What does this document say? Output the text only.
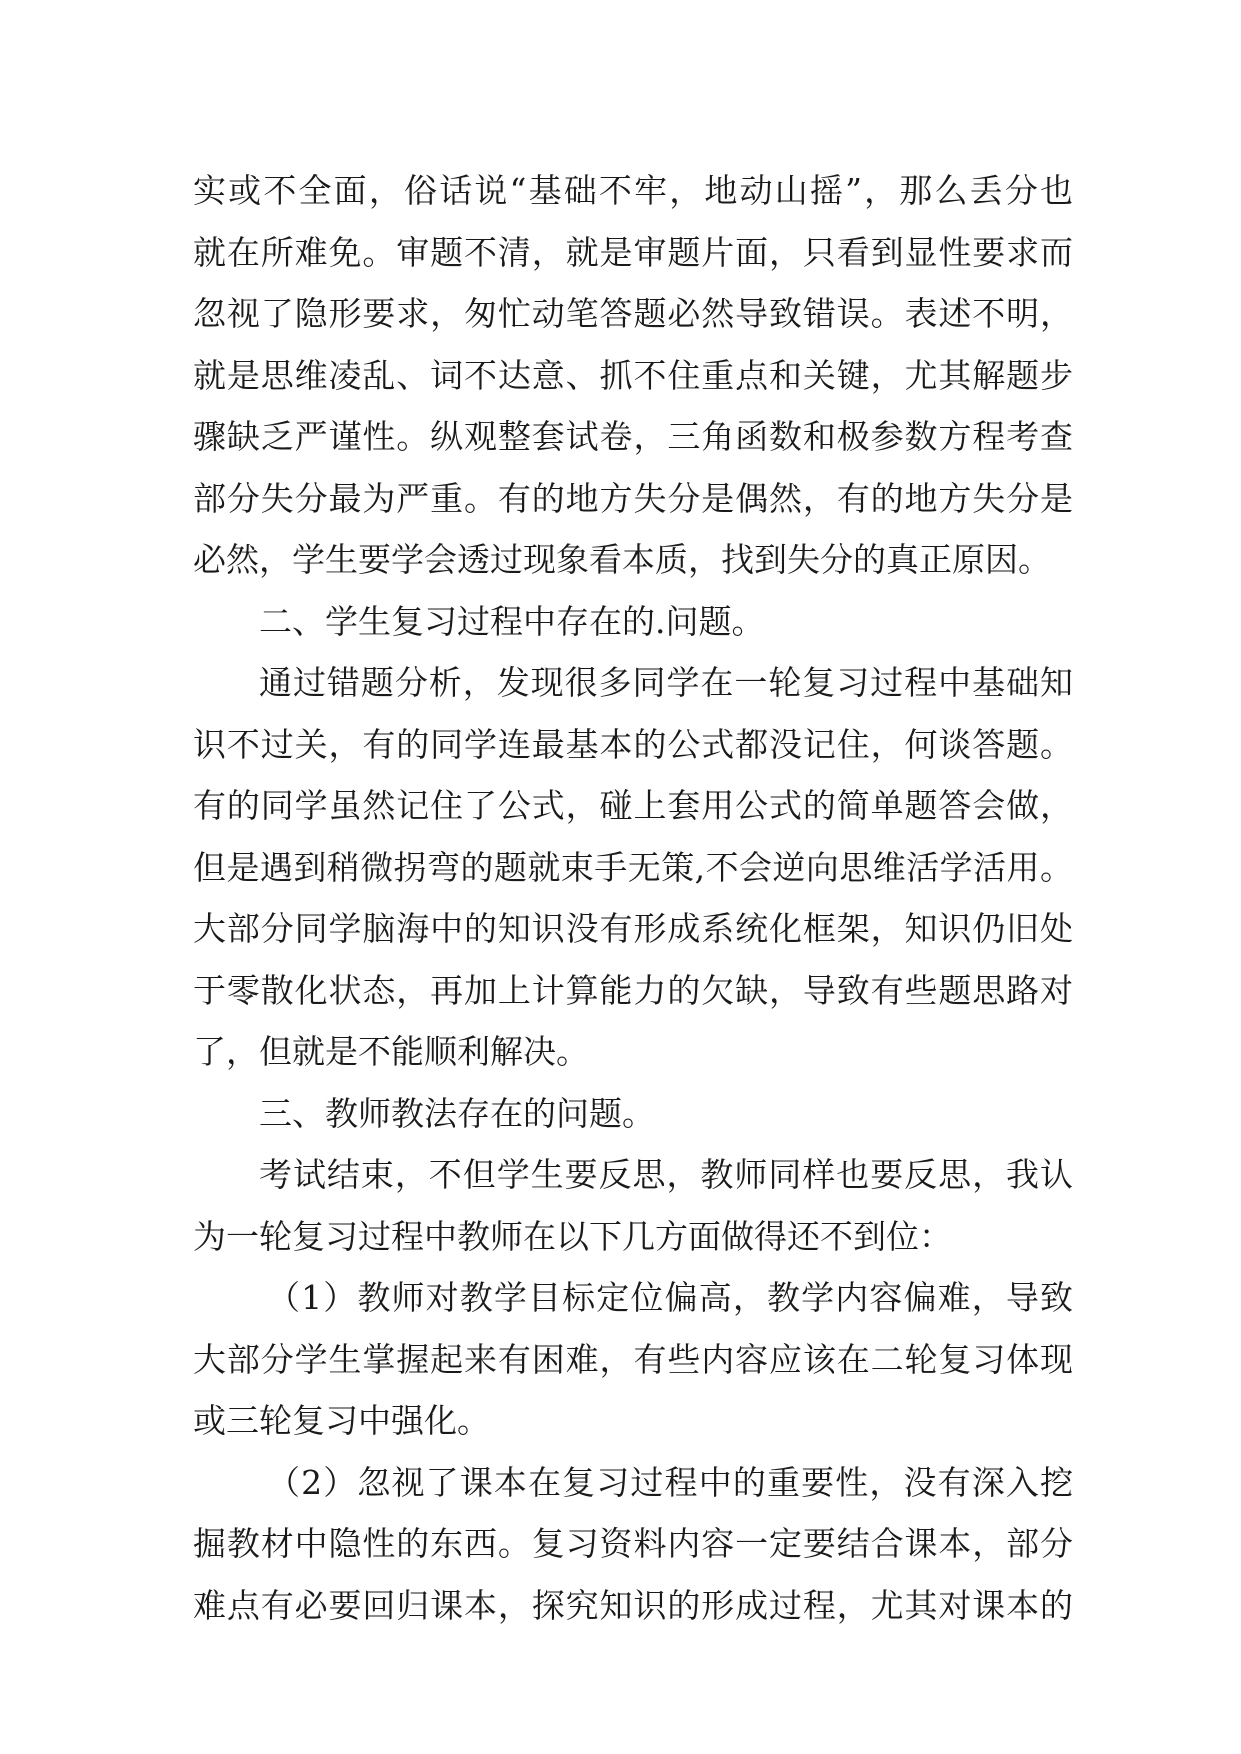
实或不全面，俗话说“基础不牢，地动山摇”，那么丢分也
就在所难免。审题不清，就是审题片面，只看到显性要求而
忽视了隐形要求，匆忙动笔答题必然导致错误。表述不明，
就是思维凌乱、词不达意、抓不住重点和关键，尤其解题步
骤缺乏严谨性。纵观整套试卷，三角函数和极参数方程考查
部分失分最为严重。有的地方失分是偶然，有的地方失分是
必然，学生要学会透过现象看本质，找到失分的真正原因。
二、学生复习过程中存在的.问题。
通过错题分析，发现很多同学在一轮复习过程中基础知
识不过关，有的同学连最基本的公式都没记住，何谈答题。
有的同学虽然记住了公式，碰上套用公式的简单题答会做，
但是遇到稍微拐弯的题就束手无策,不会逆向思维活学活用。
大部分同学脑海中的知识没有形成系统化框架，知识仍旧处
于零散化状态，再加上计算能力的欠缺，导致有些题思路对
了，但就是不能顺利解决。
三、教师教法存在的问题。
考试结束，不但学生要反思，教师同样也要反思，我认
为一轮复习过程中教师在以下几方面做得还不到位：
（1）教师对教学目标定位偏高，教学内容偏难，导致
大部分学生掌握起来有困难，有些内容应该在二轮复习体现
或三轮复习中强化。
（2）忽视了课本在复习过程中的重要性，没有深入挖
掘教材中隐性的东西。复习资料内容一定要结合课本，部分
难点有必要回归课本，探究知识的形成过程，尤其对课本的
